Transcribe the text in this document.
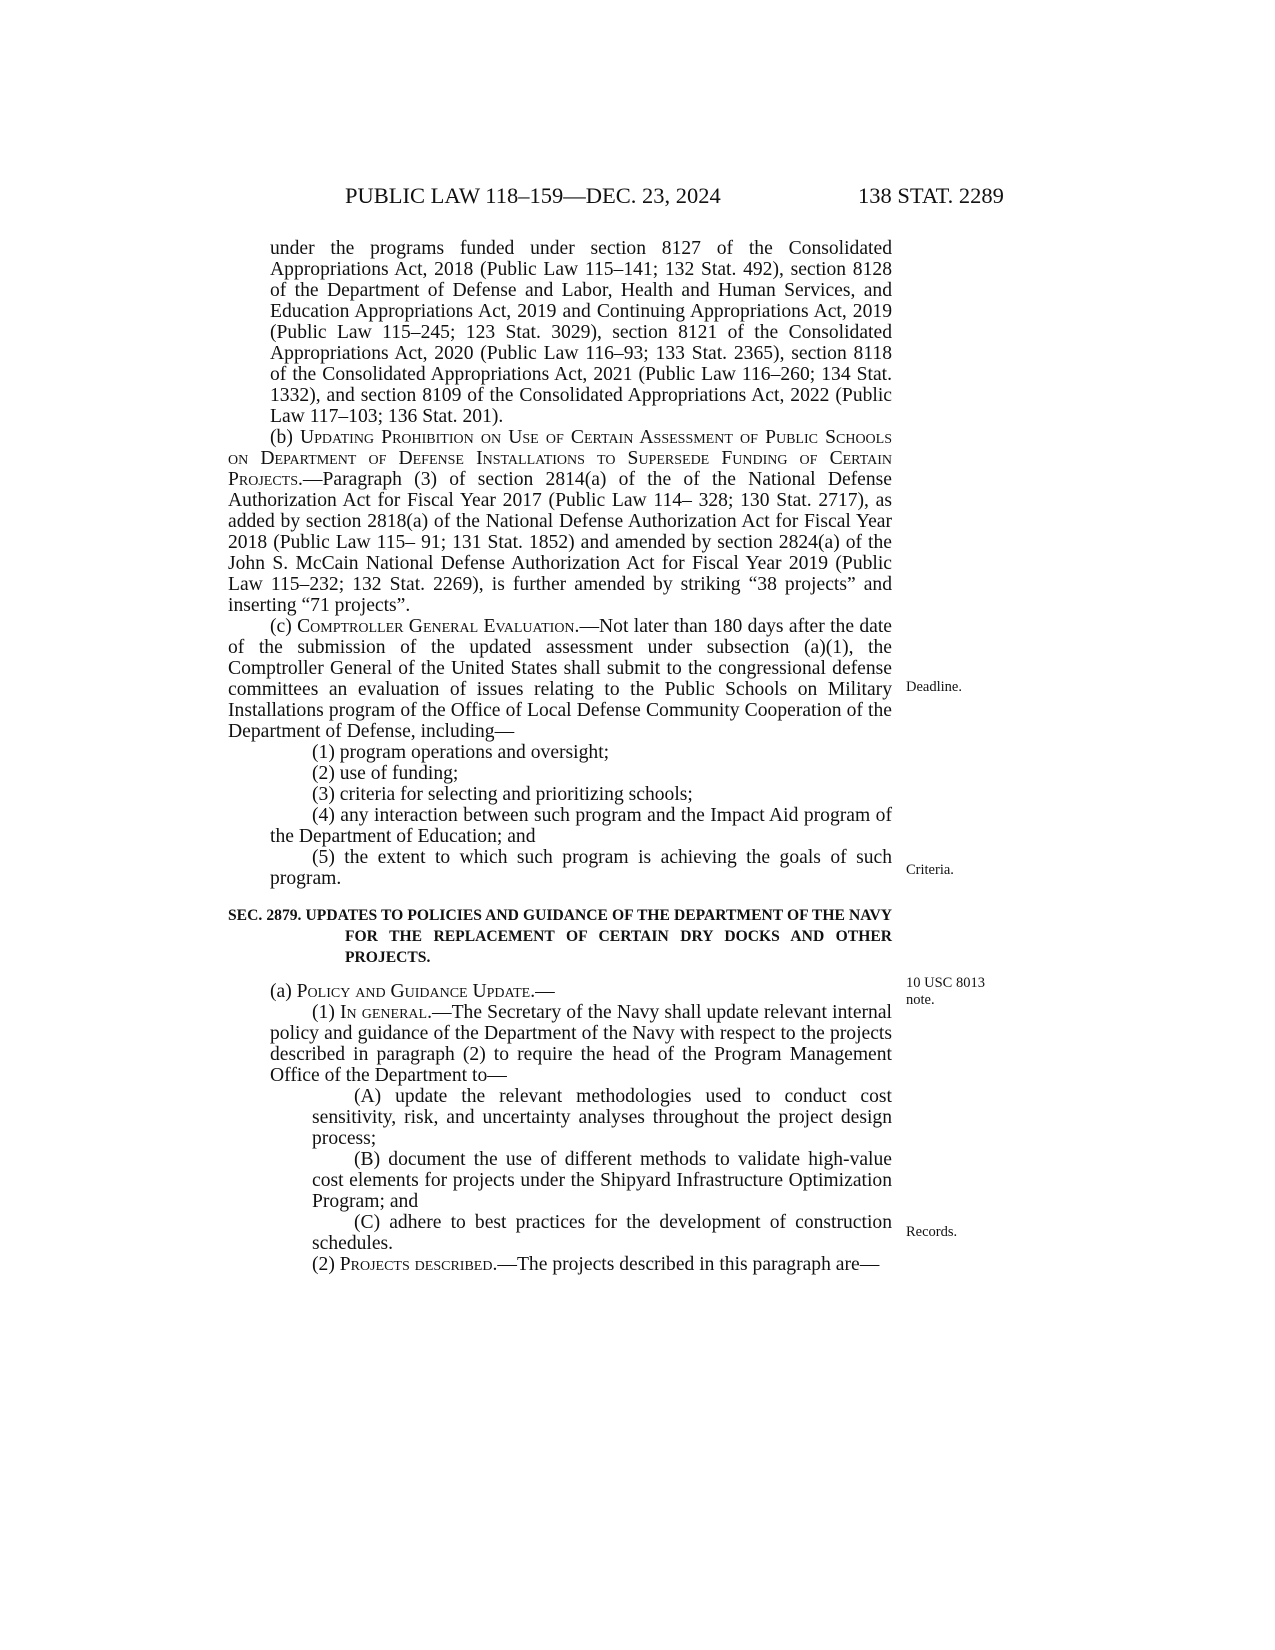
PUBLIC LAW 118–159—DEC. 23, 2024	138 STAT. 2289

under the programs funded under section 8127 of the Consolidated Appropriations Act, 2018 (Public Law 115–141; 132 Stat. 492), section 8128 of the Department of Defense and Labor, Health and Human Services, and Education Appropriations Act, 2019 and Continuing Appropriations Act, 2019 (Public Law 115–245; 123 Stat. 3029), section 8121 of the Consolidated Appropriations Act, 2020 (Public Law 116–93; 133 Stat. 2365), section 8118 of the Consolidated Appropriations Act, 2021 (Public Law 116–260; 134 Stat. 1332), and section 8109 of the Consolidated Appropriations Act, 2022 (Public Law 117–103; 136 Stat. 201).

(b) Updating Prohibition on Use of Certain Assessment of Public Schools on Department of Defense Installations to Supersede Funding of Certain Projects.—Paragraph (3) of section 2814(a) of the of the National Defense Authorization Act for Fiscal Year 2017 (Public Law 114– 328; 130 Stat. 2717), as added by section 2818(a) of the National Defense Authorization Act for Fiscal Year 2018 (Public Law 115– 91; 131 Stat. 1852) and amended by section 2824(a) of the John S. McCain National Defense Authorization Act for Fiscal Year 2019 (Public Law 115–232; 132 Stat. 2269), is further amended by striking “38 projects” and inserting “71 projects”.

(c) Comptroller General Evaluation.—Not later than 180 days after the date of the submission of the updated assessment under subsection (a)(1), the Comptroller General of the United States shall submit to the congressional defense committees an evaluation of issues relating to the Public Schools on Military Installations program of the Office of Local Defense Community Cooperation of the Department of Defense, including—

(1) program operations and oversight;

(2) use of funding;

(3) criteria for selecting and prioritizing schools;

(4) any interaction between such program and the Impact Aid program of the Department of Education; and

(5) the extent to which such program is achieving the goals of such program.

SEC. 2879. UPDATES TO POLICIES AND GUIDANCE OF THE DEPARTMENT OF THE NAVY FOR THE REPLACEMENT OF CERTAIN DRY DOCKS AND OTHER PROJECTS.

(a) Policy and Guidance Update.—

(1) In general.—The Secretary of the Navy shall update relevant internal policy and guidance of the Department of the Navy with respect to the projects described in paragraph (2) to require the head of the Program Management Office of the Department to—

(A) update the relevant methodologies used to conduct cost sensitivity, risk, and uncertainty analyses throughout the project design process;

(B) document the use of different methods to validate high-value cost elements for projects under the Shipyard Infrastructure Optimization Program; and

(C) adhere to best practices for the development of construction schedules.

(2) Projects described.—The projects described in this paragraph are—

Deadline.
Criteria.
10 USC 8013
note.
Records.
